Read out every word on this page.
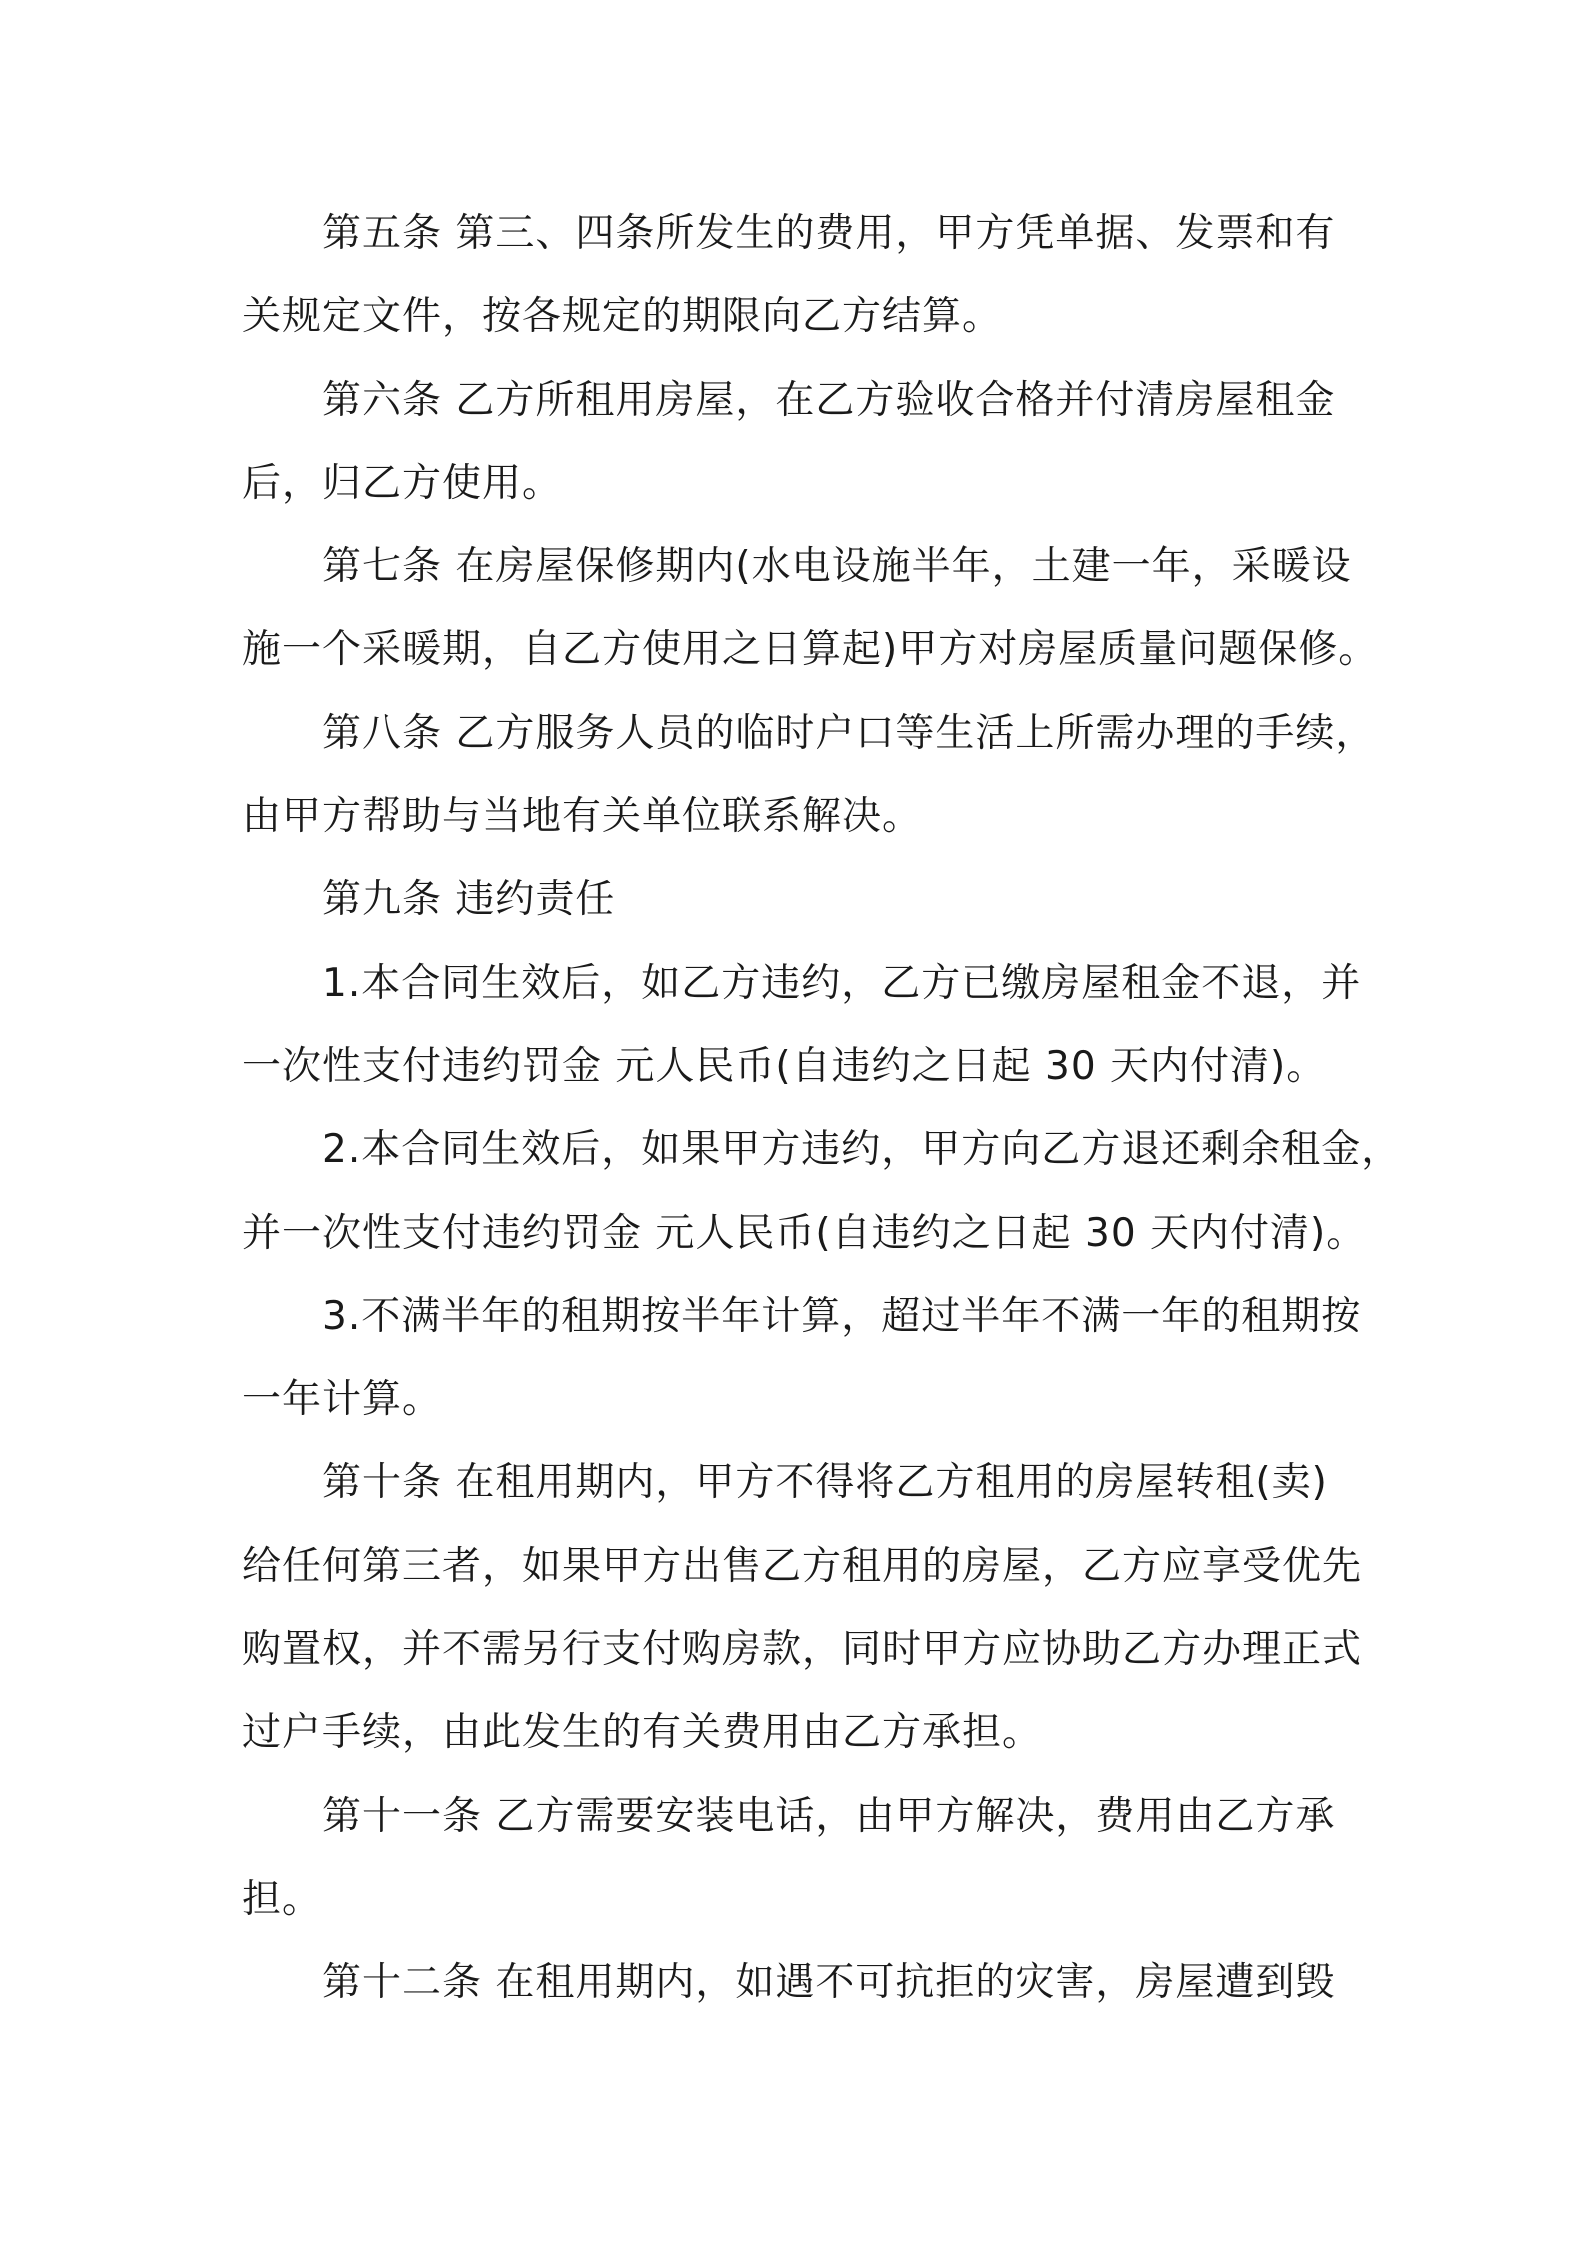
第五条 第三、四条所发生的费用，甲方凭单据、发票和有
关规定文件，按各规定的期限向乙方结算。
第六条 乙方所租用房屋，在乙方验收合格并付清房屋租金
后，归乙方使用。
第七条 在房屋保修期内(水电设施半年，土建一年，采暖设
施一个采暖期，自乙方使用之日算起)甲方对房屋质量问题保修。
第八条 乙方服务人员的临时户口等生活上所需办理的手续，
由甲方帮助与当地有关单位联系解决。
第九条 违约责任
1.本合同生效后，如乙方违约，乙方已缴房屋租金不退，并
一次性支付违约罚金 元人民币(自违约之日起 30 天内付清)。
2.本合同生效后，如果甲方违约，甲方向乙方退还剩余租金，
并一次性支付违约罚金 元人民币(自违约之日起 30 天内付清)。
3.不满半年的租期按半年计算，超过半年不满一年的租期按
一年计算。
第十条 在租用期内，甲方不得将乙方租用的房屋转租(卖)
给任何第三者，如果甲方出售乙方租用的房屋，乙方应享受优先
购置权，并不需另行支付购房款，同时甲方应协助乙方办理正式
过户手续，由此发生的有关费用由乙方承担。
第十一条 乙方需要安装电话，由甲方解决，费用由乙方承
担。
第十二条 在租用期内，如遇不可抗拒的灾害，房屋遭到毁
